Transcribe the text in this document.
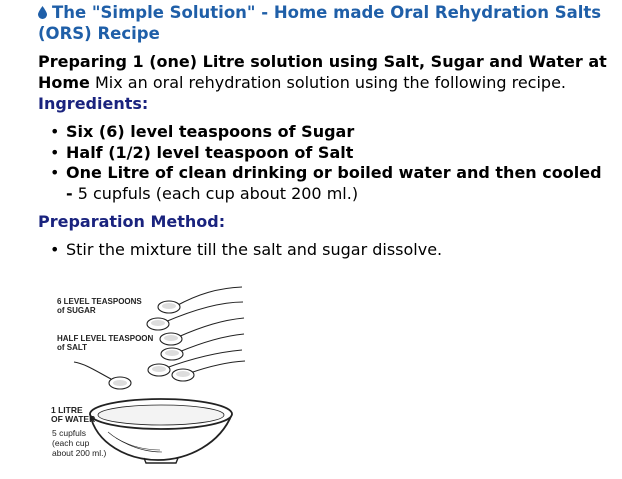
The "Simple Solution" - Home made Oral Rehydration Salts (ORS) Recipe
Preparing 1 (one) Litre solution using Salt, Sugar and Water at Home Mix an oral rehydration solution using the following recipe.
Ingredients:
• Six (6) level teaspoons of Sugar
• Half (1/2) level teaspoon of Salt
• One Litre of clean drinking or boiled water and then cooled - 5 cupfuls (each cup about 200 ml.)
Preparation Method:
• Stir the mixture till the salt and sugar dissolve.
6 LEVEL TEASPOONS
of SUGAR
HALF LEVEL TEASPOON
of SALT
1 LITRE
OF WATER
5 cupfuls
(each cup
about 200 ml.)
